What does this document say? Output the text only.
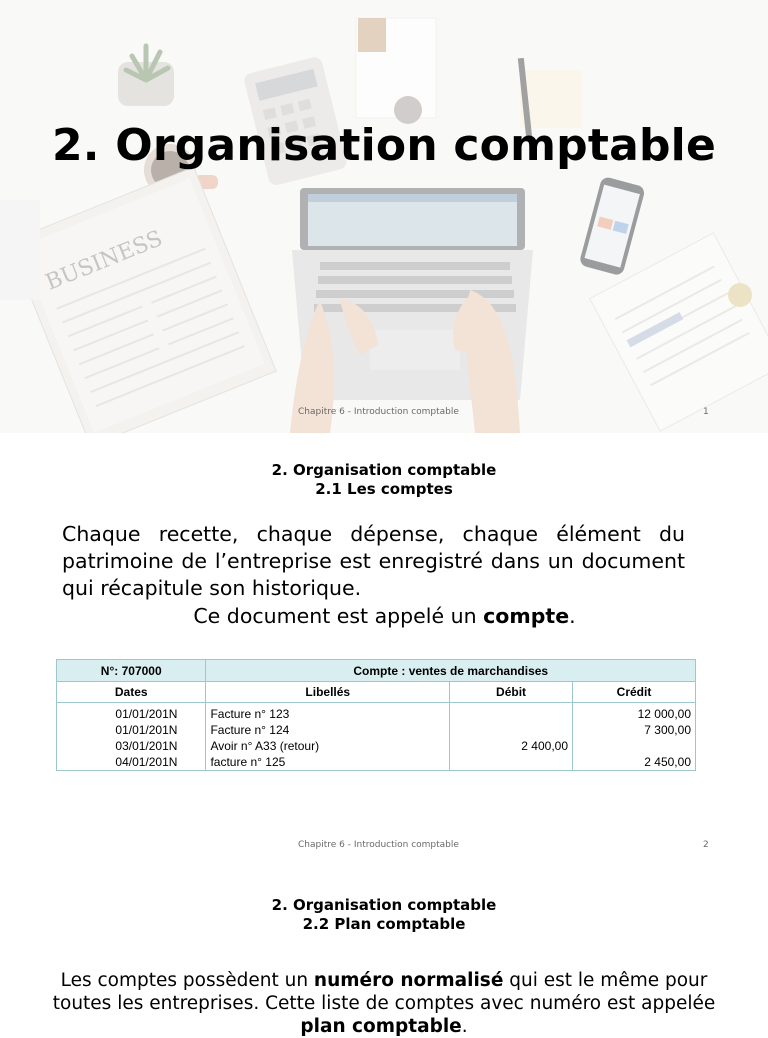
2. Organisation comptable
Chapitre 6 - Introduction comptable	1
2. Organisation comptable
2.1 Les comptes
Chaque recette, chaque dépense, chaque élément du patrimoine de l’entreprise est enregistré dans un document qui récapitule son historique.
Ce document est appelé un compte.
N°: 707000	Compte : ventes de marchandises		
Dates	Libellés	Débit	Crédit
01/01/201N	Facture n° 123		12 000,00
01/01/201N	Facture n° 124		7 300,00
03/01/201N	Avoir n° A33 (retour)	2 400,00	
04/01/201N	facture n° 125		2 450,00
Chapitre 6 - Introduction comptable	2
2. Organisation comptable
2.2 Plan comptable
Les comptes possèdent un numéro normalisé qui est le même pour toutes les entreprises. Cette liste de comptes avec numéro est appelée plan comptable.
